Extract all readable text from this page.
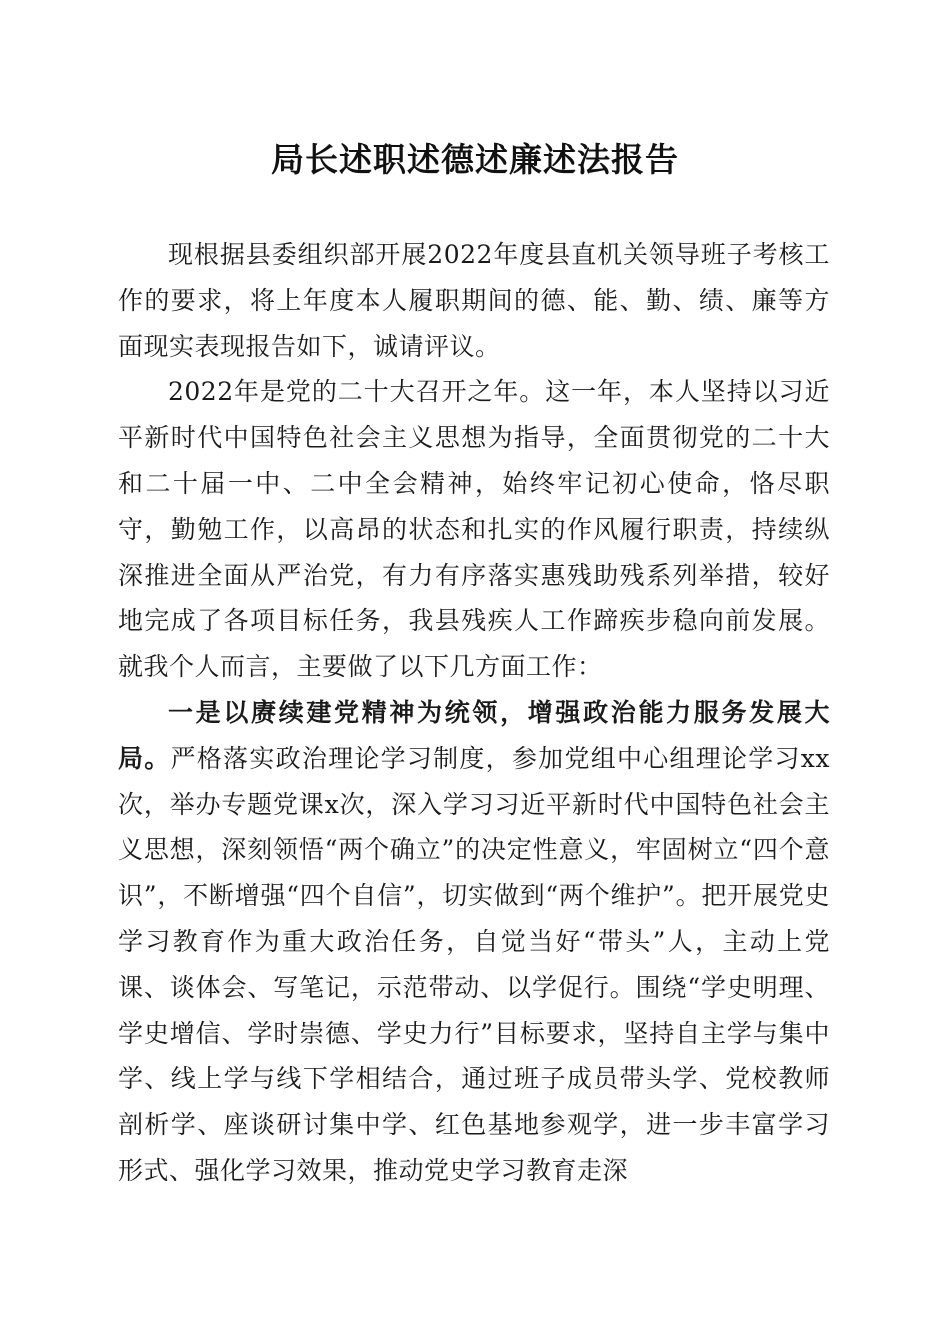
局长述职述德述廉述法报告

现根据县委组织部开展2022年度县直机关领导班子考核工作的要求，将上年度本人履职期间的德、能、勤、绩、廉等方面现实表现报告如下，诚请评议。

2022年是党的二十大召开之年。这一年，本人坚持以习近平新时代中国特色社会主义思想为指导，全面贯彻党的二十大和二十届一中、二中全会精神，始终牢记初心使命，恪尽职守，勤勉工作，以高昂的状态和扎实的作风履行职责，持续纵深推进全面从严治党，有力有序落实惠残助残系列举措，较好地完成了各项目标任务，我县残疾人工作蹄疾步稳向前发展。就我个人而言，主要做了以下几方面工作：

一是以赓续建党精神为统领，增强政治能力服务发展大局。严格落实政治理论学习制度，参加党组中心组理论学习xx次，举办专题党课x次，深入学习习近平新时代中国特色社会主义思想，深刻领悟“两个确立”的决定性意义，牢固树立“四个意识”，不断增强“四个自信”，切实做到“两个维护”。把开展党史学习教育作为重大政治任务，自觉当好“带头”人，主动上党课、谈体会、写笔记，示范带动、以学促行。围绕“学史明理、学史增信、学时崇德、学史力行”目标要求，坚持自主学与集中学、线上学与线下学相结合，通过班子成员带头学、党校教师剖析学、座谈研讨集中学、红色基地参观学，进一步丰富学习形式、强化学习效果，推动党史学习教育走深
